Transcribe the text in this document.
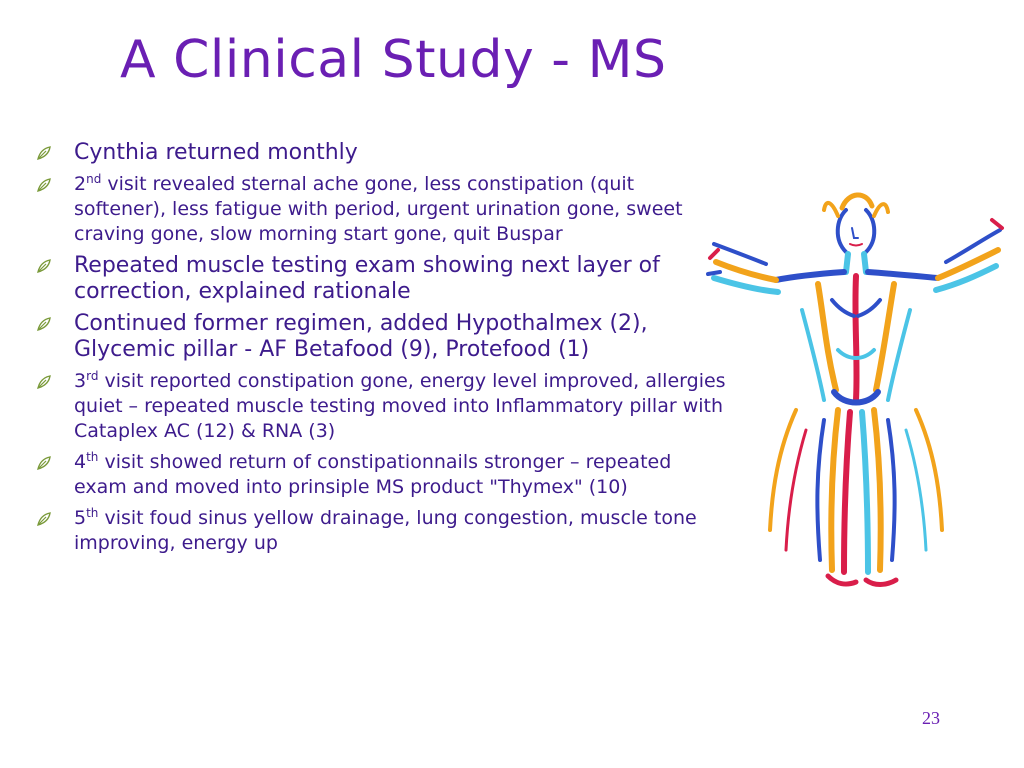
A Clinical Study - MS
Cynthia returned monthly
2nd visit revealed sternal ache gone, less constipation (quit softener), less fatigue with period, urgent urination gone, sweet craving gone, slow morning start gone, quit Buspar
Repeated muscle testing exam showing next layer of correction, explained rationale
Continued former regimen, added Hypothalmex (2), Glycemic pillar - AF Betafood (9), Protefood (1)
3rd visit reported constipation gone, energy level improved, allergies quiet – repeated muscle testing moved into Inflammatory pillar with Cataplex AC (12) & RNA (3)
4th visit showed return of constipationnails stronger – repeated exam and moved into prinsiple MS product "Thymex" (10)
5th visit foud sinus yellow drainage, lung congestion, muscle tone improving, energy up
23
